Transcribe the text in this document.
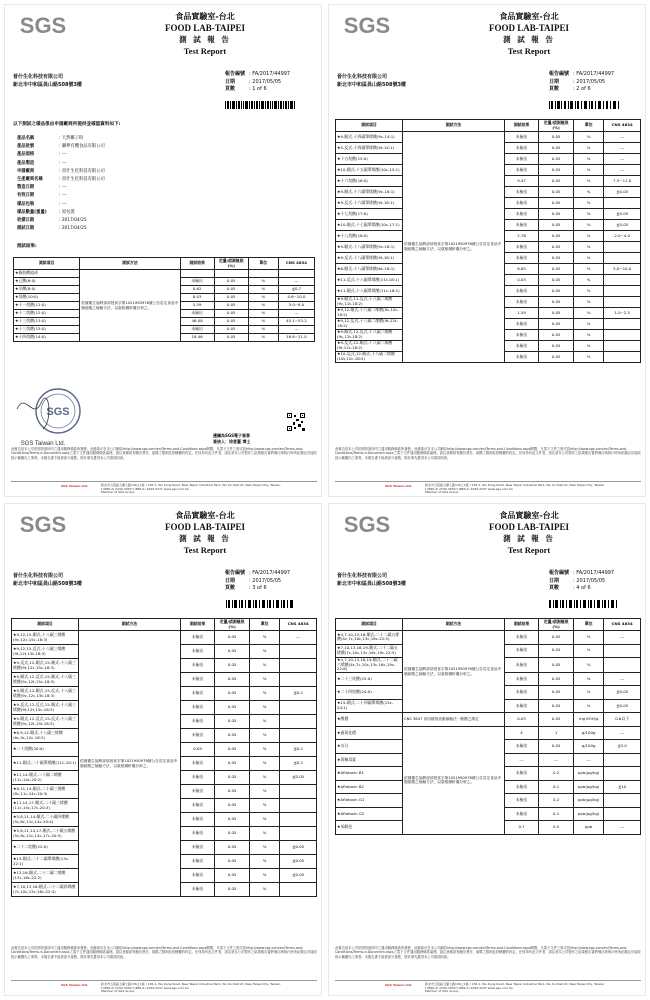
SGS	食品實驗室-台北
FOOD LAB-TAIPEI
測 試 報 告
Test Report
晉什生化科技有限公司
新北市中和區員山路508號3樓
報告編號 : FA/2017/44997
日期	: 2017/05/05
頁數	: 1 of 6
以下測試之樣品係由申請廠商所提供並確認資料如下:
產品名稱	: 天然椰子粉
產品批號	: 聯夢有機食品有限公司
產品規格	: ---
產品製造	: ---
申請廠商	: 晉什生化科技有限公司
生產廠商名稱	: 晉什生化科技有限公司
製造日期	: ---
有效日期	: ---
樣品包裝	: ---
樣品數量(重量)	: 原包裝
收樣日期	: 2017/04/25
測試日期	: 2017/04/25
測試結果:
測試項目	測試方法	測試結果	定量/偵測極限(%)	單位	CNS 4834
★脂肪酸組成	依據衛生福利部部授食字第1021950978號公告訂定食品中脂肪酸之檢驗方法，以氣相層析儀分析之。				
★己酸(6:0)		未檢出	0.05	%	---
★辛酸(8:0)		0.62	0.05	%	≦0.7
★癸酸(10:0)		8.03	0.05	%	4.6~10.0
★十一烷酸(11:0)		5.59	0.05	%	5.0~8.0
★十二烷酸(12:0)		未檢出	0.05	%	---
★十三烷酸(13:0)		46.08	0.05	%	45.1~53.2
★十三烷酸(13:0)		未檢出	0.05	%	---
★十四烷酸(14:0)		18.46	0.05	%	16.8~21.0
SGS
SGS Taiwan Ltd.
邊欄為SGS電子簽章
簽核人：徐意圖 博士
此報告是本公司依照背面所印之通用服務條款所簽發，此條款可在本公司網站http://www.sgs.com/en/Terms-and-Conditions.aspx閱覽，凡電子文件之格式依http://www.sgs.com/en/Terms-and-Conditions/Terms-e-Document.aspx之電子文件通用服務條款處理。請注意條款有關於責任、賠償之限制及管轄權的約定。任何持有此文件者，請注意本公司製作之結果報告書將僅反映執行時所紀錄且於接收指示範圍內之事實。本報告書不能被部分複製，除非事先獲得本公司書面同意。
SGS Taiwan Ltd.	新北市五股區五權七路136之1號 / 136-1, Wu Kung Road, New Taipei Industrial Park, Wu Ku District, New Taipei City, Taiwan
t (886-2) 2299-3939 f (886-2) 2299-3237 www.sgs.com.tw
Member of SGS Group
SGS	食品實驗室-台北
FOOD LAB-TAIPEI
測 試 報 告
Test Report
晉什生化科技有限公司
新北市中和區員山路508號3樓
報告編號 : FA/2017/44997
日期	: 2017/05/05
頁數	: 2 of 6
測試項目	測試方法	測試結果	定量/偵測極限(%)	單位	CNS 4834
★9-順式-十四碳單烯酸(9c-14:1)	依據衛生福利部部授食字第1021950978號公告訂定食品中脂肪酸之檢驗方法，以氣相層析儀分析之。	未檢出	0.05	%	---
★5-反式-十四碳單烯酸(9t-14:1)		未檢出	0.05	%	---
★十五烷酸(15:0)		未檢出	0.05	%	---
★10-順式-十五碳單烯酸(10c-15:1)		未檢出	0.05	%	---
★十六烷酸(16:0)		9.47	0.05	%	7.5~11.0
★9-順式-十六碳單烯酸(9c-16:1)		未檢出	0.05	%	≦0.05
★9-反式-十六碳單烯酸(9t-16:1)		未檢出	0.05	%	
★十七烷酸(17:0)		未檢出	0.05	%	≦0.05
★10-順式-十七碳單烯酸(10c-17:1)		未檢出	0.05	%	≦0.05
★十八烷酸(18:0)		2.76	0.05	%	2.0~4.0
★9-順式-十八碳單烯酸(9c-18:1)		未檢出	0.05	%	
★9-反式-十八碳單烯酸(9t-18:1)		未檢出	0.05	%	
★6-順式-十八碳單烯酸(6c-18:1)		6.85	0.05	%	5.0~10.0
★11-反式-十八碳單烯酸(11t-18:1)		0.05	0.05	%	
★11-順式-十八碳單烯酸(11c-18:1)		未檢出	0.05	%	
★9-順式,11-反式-十八碳二烯酸(9c,11t-18:2)		未檢出	0.05	%	
★9,12-順式-十八碳二烯酸(9c,12c-18:2)		1.59	0.05	%	1.0~2.5
★9,12-反式-十八碳二烯酸(9t,12t-18:2)		未檢出	0.05	%	
★9-順式,12-反式-十八碳二烯酸(9c,12t-18:2)		未檢出	0.05	%	
★9-反式,12-順式-十八碳二烯酸(9t,12c-18:2)		未檢出	0.05	%	
★10-反式,12-順式-十八碳二烯酸(10t,12c-18:2)		未檢出	0.05	%	
此報告是本公司依照背面所印之通用服務條款所簽發，此條款可在本公司網站http://www.sgs.com/en/Terms-and-Conditions.aspx閱覽，凡電子文件之格式依http://www.sgs.com/en/Terms-and-Conditions/Terms-e-Document.aspx之電子文件通用服務條款處理。請注意條款有關於責任、賠償之限制及管轄權的約定。任何持有此文件者，請注意本公司製作之結果報告書將僅反映執行時所紀錄且於接收指示範圍內之事實。本報告書不能被部分複製，除非事先獲得本公司書面同意。
SGS Taiwan Ltd.	新北市五股區五權七路136之1號 / 136-1, Wu Kung Road, New Taipei Industrial Park, Wu Ku District, New Taipei City, Taiwan
t (886-2) 2299-3939 f (886-2) 2299-3237 www.sgs.com.tw
Member of SGS Group
SGS	食品實驗室-台北
FOOD LAB-TAIPEI
測 試 報 告
Test Report
晉什生化科技有限公司
新北市中和區員山路508號3樓
報告編號 : FA/2017/44997
日期	: 2017/05/05
頁數	: 3 of 6
測試項目	測試方法	測試結果	定量/偵測極限(%)	單位	CNS 4834
★9,12,15-順式-十八碳三烯酸(9c,12c,15c-18:3)	依據衛生福利部部授食字第1021950978號公告訂定食品中脂肪酸之檢驗方法，以氣相層析儀分析之。	未檢出	0.05	%	---
★9,12,15-反式-十八碳三烯酸(9t,12t,15t-18:3)		未檢出	0.05	%	
★9-反式,12-順式,15-順式-十八碳三烯酸(9t,12c,15c-18:3)		未檢出	0.05	%	
★9-順式,12-反式,15-順式-十八碳三烯酸(9c,12t,15c-18:3)		未檢出	0.05	%	
★9-順式,12-順式,15-反式-十八碳三烯酸(9c,12c,15t-18:3)		未檢出	0.05	%	≦0.2
★9-反式,12-反式,15-順式-十八碳三烯酸(9t,12t,15c-18:3)		未檢出	0.05	%	
★9-順式,12-反式,15-反式-十八碳三烯酸(9c,12t,15t-18:3)		未檢出	0.05	%	
★6,9,12-順式-十八碳三烯酸(6c,9c,12c-18:3)		未檢出	0.05	%	
★二十烷酸(20:0)		0.09	0.05	%	≦0.2
★11-順式-二十碳單烯酸(11C-20:1)		未檢出	0.05	%	≦0.2
★11,14-順式-二十碳二烯酸(11c,14c-20:2)		未檢出	0.05	%	≦0.05
★8,11,14-順式-二十碳三烯酸(8c,11c,14c-20:3)		未檢出	0.05	%	
★11,14,17-順式-二十碳三烯酸(11c,14c,17c-20:3)		未檢出	0.05	%	
★5,8,11,14-順式-二十碳四烯酸(5c,8c,11c,14c-20:4)		未檢出	0.05	%	
★5,8,11,14,17-順式-二十碳五烯酸(5c,8c,11c,14c,17c-20:5)		未檢出	0.05	%	
★二十二烷酸(22:0)		未檢出	0.05	%	≦0.05
★13-順式-二十二碳單烯酸(13c-22:1)		未檢出	0.05	%	≦0.05
★13,16-順式-二十二碳二烯酸(13c,16c-22:2)		未檢出	0.05	%	≦0.05
★7,10,13,16-順式-二十二碳四烯酸(7c,10c,13c,16c-22:4)		未檢出	0.05	%	
此報告是本公司依照背面所印之通用服務條款所簽發，此條款可在本公司網站http://www.sgs.com/en/Terms-and-Conditions.aspx閱覽，凡電子文件之格式依http://www.sgs.com/en/Terms-and-Conditions/Terms-e-Document.aspx之電子文件通用服務條款處理。請注意條款有關於責任、賠償之限制及管轄權的約定。任何持有此文件者，請注意本公司製作之結果報告書將僅反映執行時所紀錄且於接收指示範圍內之事實。本報告書不能被部分複製，除非事先獲得本公司書面同意。
SGS Taiwan Ltd.	新北市五股區五權七路136之1號 / 136-1, Wu Kung Road, New Taipei Industrial Park, Wu Ku District, New Taipei City, Taiwan
t (886-2) 2299-3939 f (886-2) 2299-3237 www.sgs.com.tw
Member of SGS Group
SGS	食品實驗室-台北
FOOD LAB-TAIPEI
測 試 報 告
Test Report
晉什生化科技有限公司
新北市中和區員山路508號3樓
報告編號 : FA/2017/44997
日期	: 2017/05/05
頁數	: 4 of 6
測試項目	測試方法	測試結果	定量/偵測極限(%)	單位	CNS 4834
★4,7,10,13,16-順式-二十二碳五烯酸(4c,7c,10c,13c,16c-22:5)	依據衛生福利部部授食字第1021950978號公告訂定食品中脂肪酸之檢驗方法，以氣相層析儀分析之。	未檢出	0.05	%	---
★7,10,13,16,19-順式-二十二碳五烯酸(7c,10c,13c,16c,19c-22:5)		未檢出	0.05	%	
★4,7,10,13,16,19-順式-二十二碳六烯酸(4c,7c,10c,13c,16c,19c-22:6)		未檢出	0.05	%	
★二十三烷酸(23:0)		未檢出	0.05	%	---
★二十四烷酸(24:0)		未檢出	0.05	%	≦0.05
★15-順式-二十四碳單烯酸(15c-24:1)		未檢出	0.05	%	≦0.05
★酸價	CNS 3647 食用植物油脂檢驗法－酸價之測定	0.05	0.05	mg KOH/g	0.6以下
★過氧化價	依據衛生福利部部授食字第1021950978號公告訂定食品中脂肪酸之檢驗方法，以氣相層析儀分析之。	4	1	g/100g	---
★水分		未檢出	0.05	g/100g	≦5.0
★黃麴毒素		---	---	---	
★Aflatoxin B1		未檢出	0.2	ppb(μg/kg)	
★Aflatoxin B2		未檢出	0.1	ppb(μg/kg)	≦10
★Aflatoxin G1		未檢出	0.2	ppb(μg/kg)	
★Aflatoxin G2		未檢出	0.1	ppb(μg/kg)	
★苯駢芘		0.7	0.5	ppb	---
此報告是本公司依照背面所印之通用服務條款所簽發，此條款可在本公司網站http://www.sgs.com/en/Terms-and-Conditions.aspx閱覽，凡電子文件之格式依http://www.sgs.com/en/Terms-and-Conditions/Terms-e-Document.aspx之電子文件通用服務條款處理。請注意條款有關於責任、賠償之限制及管轄權的約定。任何持有此文件者，請注意本公司製作之結果報告書將僅反映執行時所紀錄且於接收指示範圍內之事實。本報告書不能被部分複製，除非事先獲得本公司書面同意。
SGS Taiwan Ltd.	新北市五股區五權七路136之1號 / 136-1, Wu Kung Road, New Taipei Industrial Park, Wu Ku District, New Taipei City, Taiwan
t (886-2) 2299-3939 f (886-2) 2299-3237 www.sgs.com.tw
Member of SGS Group
